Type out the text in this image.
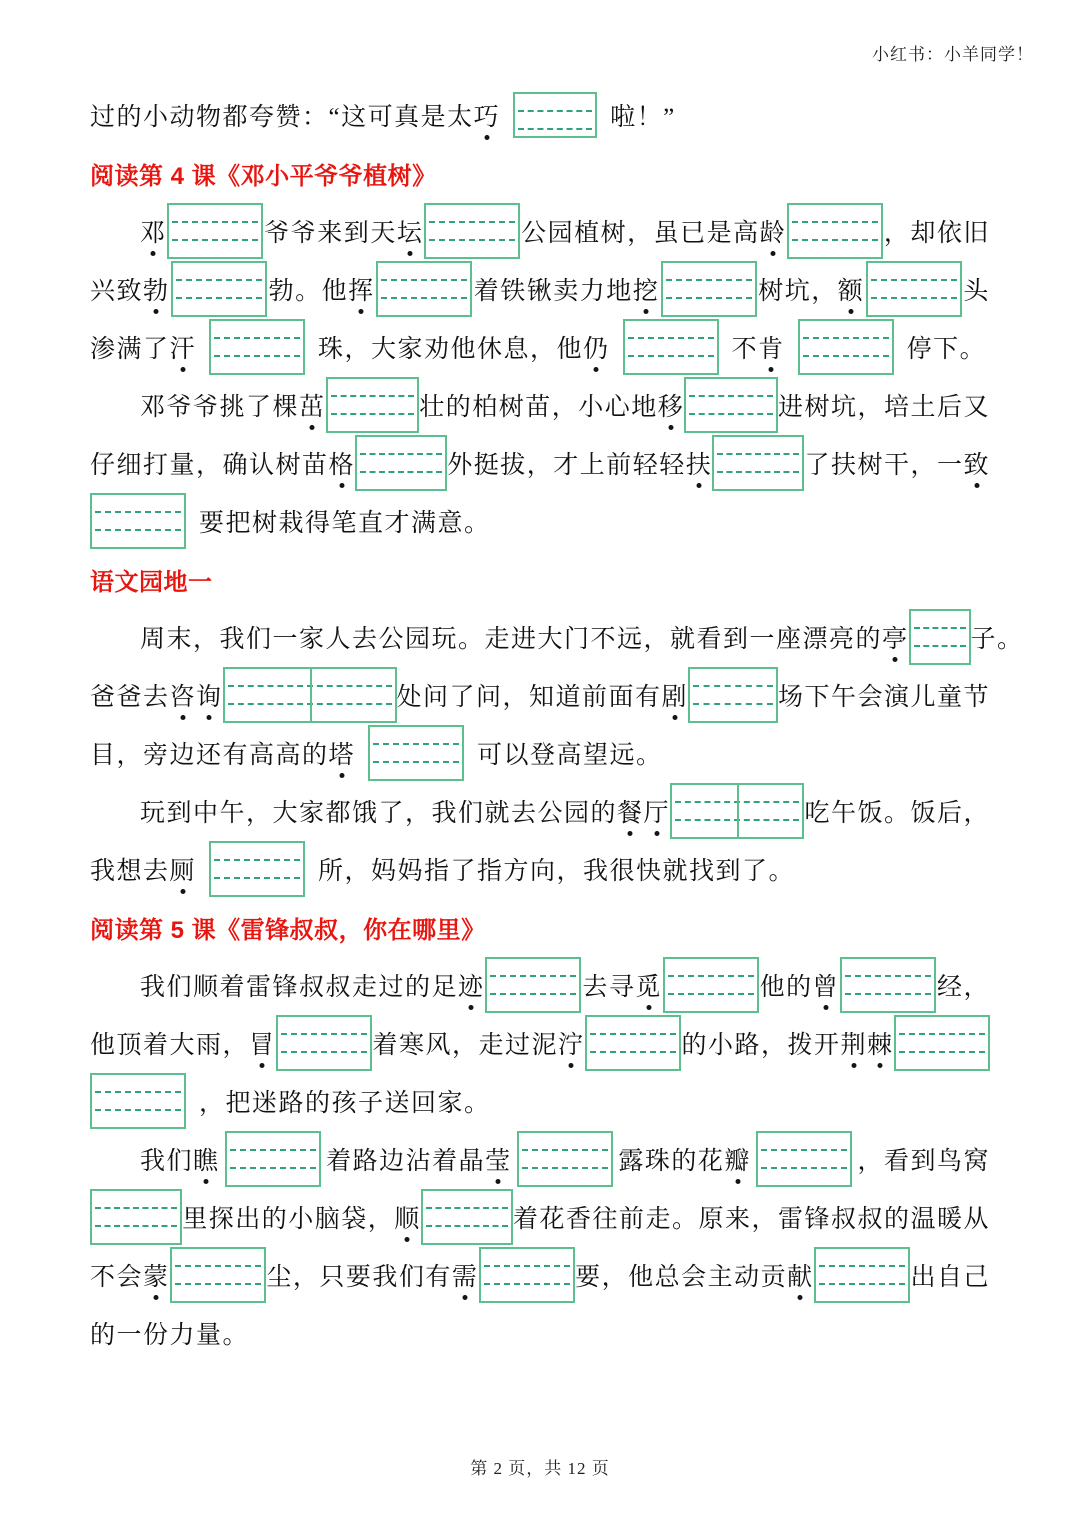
小红书：小羊同学！
过的小动物都夸赞：“这可真是太巧	啦！”
阅读第 4 课《邓小平爷爷植树》
邓	爷爷来到天坛	公园植树，虽已是高龄	，却依旧
兴致勃	勃。他挥	着铁锹卖力地挖	树坑，额	头
渗满了汗	珠，大家劝他休息，他仍	不肯	停下。
邓爷爷挑了棵茁	壮的柏树苗，小心地移	进树坑，培土后又
仔细打量，确认树苗格	外挺拔，才上前轻轻扶	了扶树干，一致
要把树栽得笔直才满意。
语文园地一
周末，我们一家人去公园玩。走进大门不远，就看到一座漂亮的亭 子。
爸爸去咨询	处问了问，知道前面有剧	场下午会演儿童节
目，旁边还有高高的塔	可以登高望远。
玩到中午，大家都饿了，我们就去公园的餐厅	吃午饭。饭后，
我想去厕	所，妈妈指了指方向，我很快就找到了。
阅读第 5 课《雷锋叔叔，你在哪里》
我们顺着雷锋叔叔走过的足迹	去寻觅	他的曾	经，
他顶着大雨，冒	着寒风，走过泥泞	的小路，拨开荆棘
，把迷路的孩子送回家。
我们瞧	着路边沾着晶莹	露珠的花瓣	，看到鸟窝
里探出的小脑袋，顺	着花香往前走。原来，雷锋叔叔的温暖从
不会蒙	尘，只要我们有需	要，他总会主动贡献	出自己
的一份力量。
第 2 页，共 12 页
